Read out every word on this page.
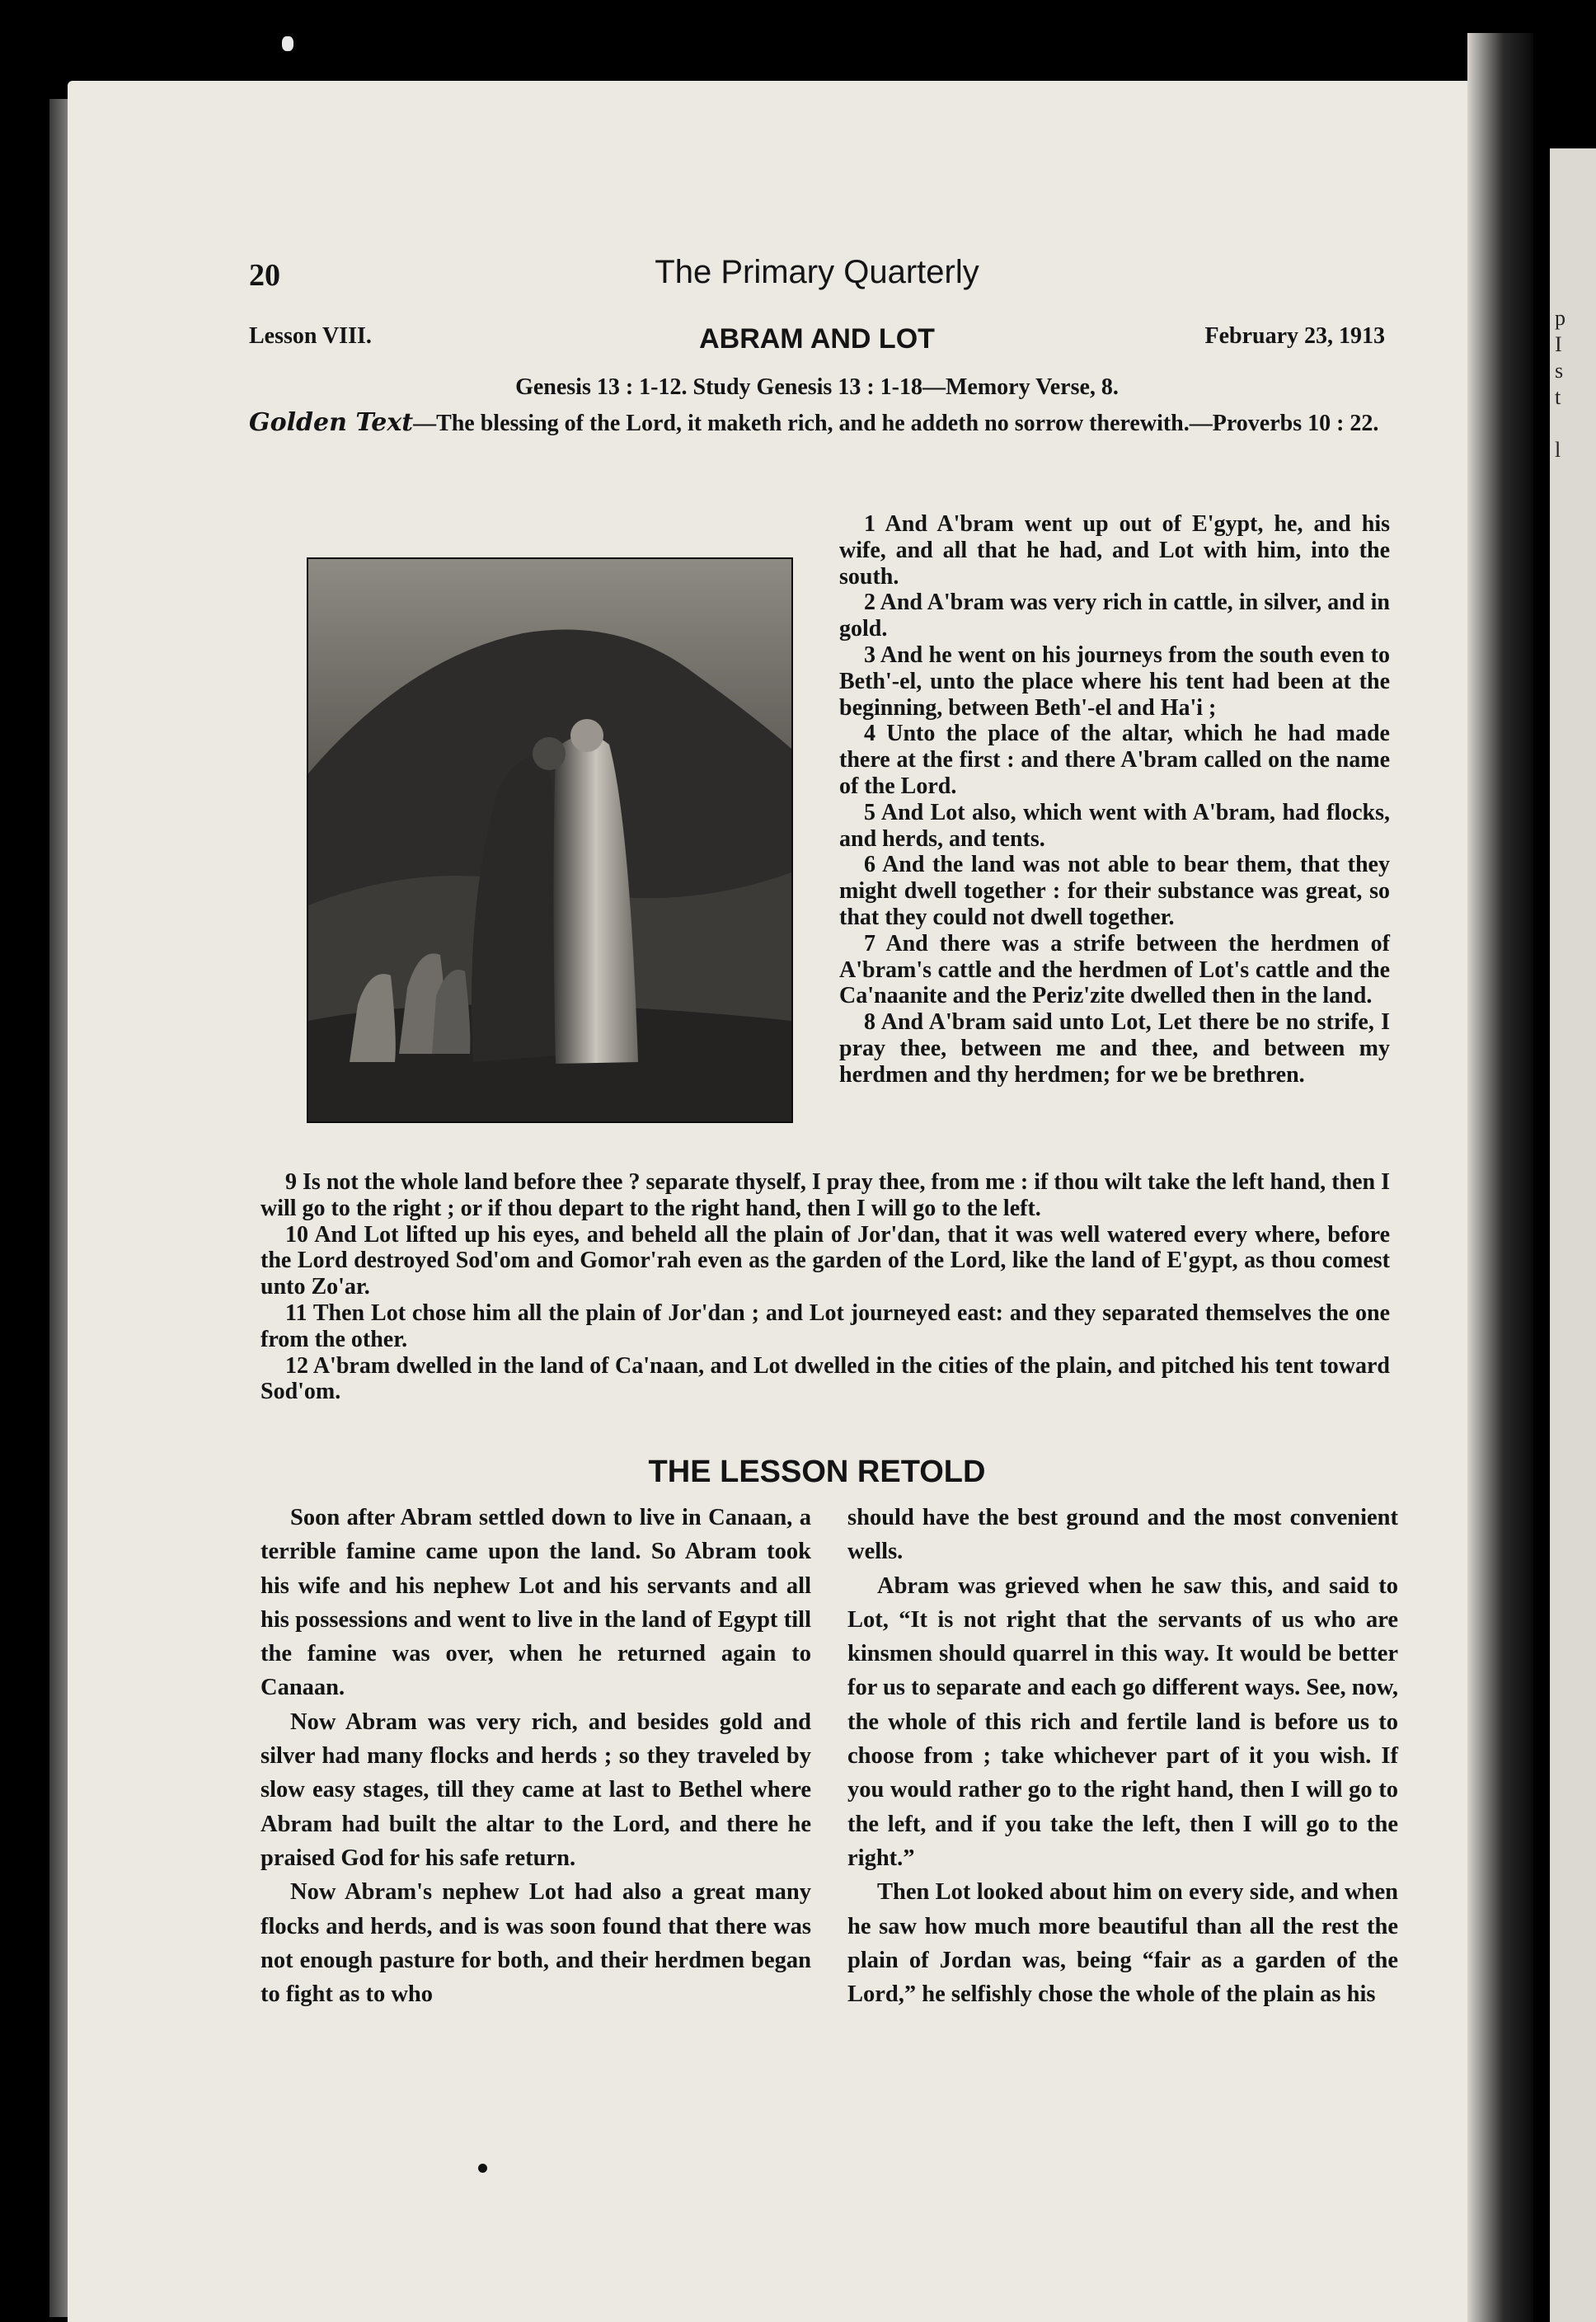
p
I
s
t

l
20	The Primary Quarterly
Lesson VIII.	ABRAM AND LOT	February 23, 1913
Genesis 13 : 1-12. Study Genesis 13 : 1-18—Memory Verse, 8.
Golden Text—The blessing of the Lord, it maketh rich, and he addeth no sorrow therewith.—Proverbs 10 : 22.

1 And A'bram went up out of E'gypt, he, and his wife, and all that he had, and Lot with him, into the south.

2 And A'bram was very rich in cattle, in silver, and in gold.

3 And he went on his journeys from the south even to Beth'-el, unto the place where his tent had been at the beginning, between Beth'-el and Ha'i ;

4 Unto the place of the altar, which he had made there at the first : and there A'bram called on the name of the Lord.

5 And Lot also, which went with A'bram, had flocks, and herds, and tents.

6 And the land was not able to bear them, that they might dwell together : for their substance was great, so that they could not dwell together.

7 And there was a strife between the herdmen of A'bram's cattle and the herdmen of Lot's cattle and the Ca'naanite and the Periz'zite dwelled then in the land.

8 And A'bram said unto Lot, Let there be no strife, I pray thee, between me and thee, and between my herdmen and thy herdmen; for we be brethren.

9 Is not the whole land before thee ? separate thyself, I pray thee, from me : if thou wilt take the left hand, then I will go to the right ; or if thou depart to the right hand, then I will go to the left.

10 And Lot lifted up his eyes, and beheld all the plain of Jor'dan, that it was well watered every where, before the Lord destroyed Sod'om and Gomor'rah even as the garden of the Lord, like the land of E'gypt, as thou comest unto Zo'ar.

11 Then Lot chose him all the plain of Jor'dan ; and Lot journeyed east: and they separated themselves the one from the other.

12 A'bram dwelled in the land of Ca'naan, and Lot dwelled in the cities of the plain, and pitched his tent toward Sod'om.

THE LESSON RETOLD

Soon after Abram settled down to live in Canaan, a terrible famine came upon the land. So Abram took his wife and his nephew Lot and his servants and all his possessions and went to live in the land of Egypt till the famine was over, when he returned again to Canaan.

Now Abram was very rich, and besides gold and silver had many flocks and herds ; so they traveled by slow easy stages, till they came at last to Bethel where Abram had built the altar to the Lord, and there he praised God for his safe return.

Now Abram's nephew Lot had also a great many flocks and herds, and is was soon found that there was not enough pasture for both, and their herdmen began to fight as to who

should have the best ground and the most convenient wells.

Abram was grieved when he saw this, and said to Lot, “It is not right that the servants of us who are kinsmen should quarrel in this way. It would be better for us to separate and each go different ways. See, now, the whole of this rich and fertile land is before us to choose from ; take whichever part of it you wish. If you would rather go to the right hand, then I will go to the left, and if you take the left, then I will go to the right.”

Then Lot looked about him on every side, and when he saw how much more beautiful than all the rest the plain of Jordan was, being “fair as a garden of the Lord,” he selfishly chose the whole of the plain as his
